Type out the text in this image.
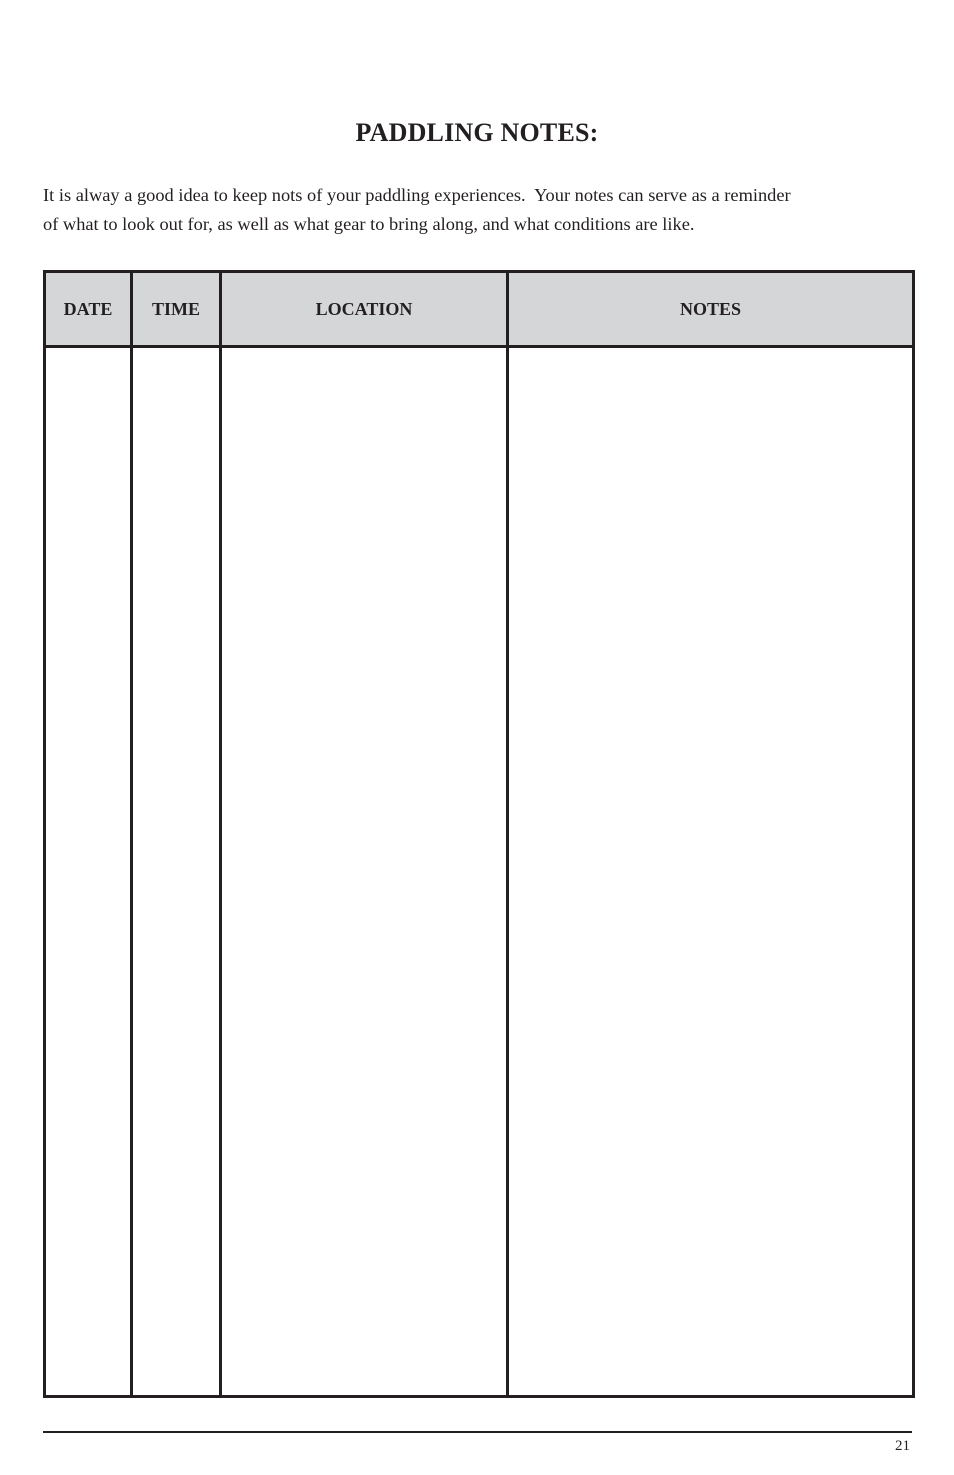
PADDLING NOTES:

It is alway a good idea to keep nots of your paddling experiences.  Your notes can serve as a reminder
of what to look out for, as well as what gear to bring along, and what conditions are like.

DATE	TIME	LOCATION	NOTES

21
